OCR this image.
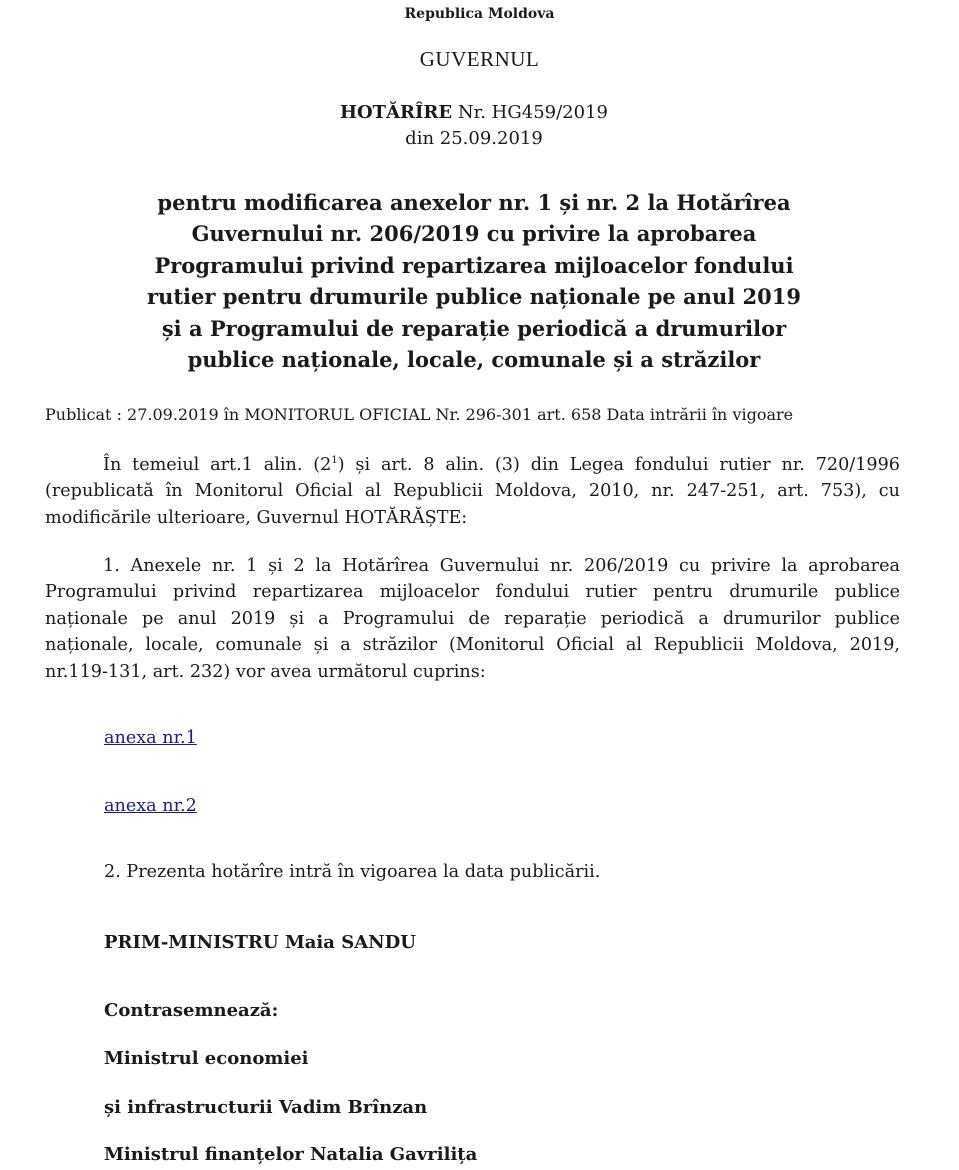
Republica Moldova
GUVERNUL
HOTĂRÎRE Nr. HG459/2019
din 25.09.2019
pentru modificarea anexelor nr. 1 și nr. 2 la Hotărîrea
Guvernului nr. 206/2019 cu privire la aprobarea
Programului privind repartizarea mijloacelor fondului
rutier pentru drumurile publice naționale pe anul 2019
și a Programului de reparație periodică a drumurilor
publice naționale, locale, comunale și a străzilor
Publicat : 27.09.2019 în MONITORUL OFICIAL Nr. 296-301 art. 658 Data intrării în vigoare
În temeiul art.1 alin. $(2^1)$ și art. 8 alin. (3) din Legea fondului rutier nr. 720/1996
(republicată în Monitorul Oficial al Republicii Moldova, 2010, nr. 247-251, art. 753), cu
modificările ulterioare, Guvernul HOTĂRĂȘTE:
1. Anexele nr. 1 și 2 la Hotărîrea Guvernului nr. 206/2019 cu privire la aprobarea
Programului privind repartizarea mijloacelor fondului rutier pentru drumurile publice
naționale pe anul 2019 și a Programului de reparație periodică a drumurilor publice
naționale, locale, comunale și a străzilor (Monitorul Oficial al Republicii Moldova, 2019,
nr.119-131, art. 232) vor avea următorul cuprins:
anexa nr.1
anexa nr.2
2. Prezenta hotărîre intră în vigoarea la data publicării.
PRIM-MINISTRU Maia SANDU
Contrasemnează:
Ministrul economiei
și infrastructurii Vadim Brînzan
Ministrul finanțelor Natalia Gavrilița
